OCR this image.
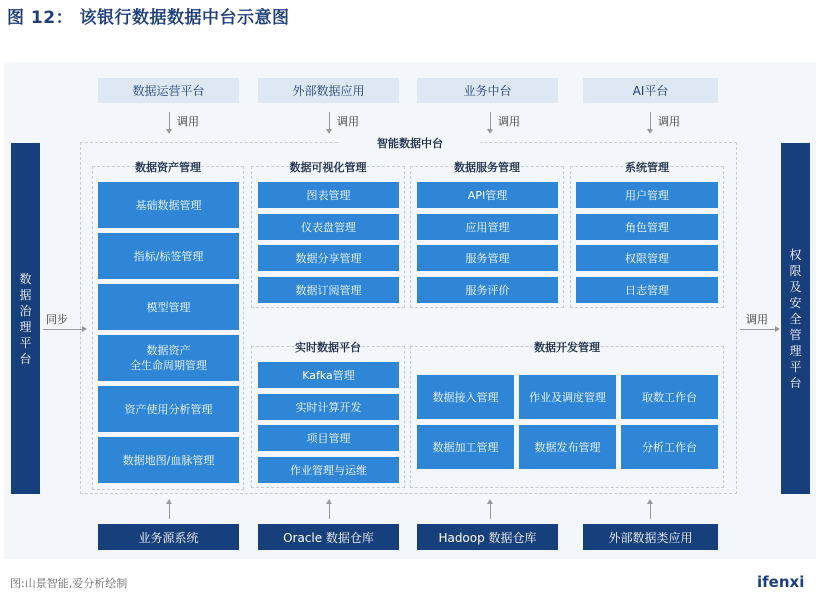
图 12： 该银行数据数据中台示意图
数据运营平台	外部数据应用	业务中台	AI平台
调用	调用	调用	调用
智能数据中台
数
据
治
理
平
台
权
限
及
安
全
管
理
平
台
同步	调用
数据资产管理
基础数据管理
指标/标签管理
模型管理
数据资产
全生命周期管理
资产使用分析管理
数据地图/血脉管理
数据可视化管理
图表管理
仪表盘管理
数据分享管理
数据订阅管理
数据服务管理
API管理
应用管理
服务管理
服务评价
系统管理
用户管理
角色管理
权限管理
日志管理
实时数据平台
Kafka管理
实时计算开发
项目管理
作业管理与运维
数据开发管理
数据接入管理	作业及调度管理	取数工作台
数据加工管理	数据发布管理	分析工作台
业务源系统	Oracle 数据仓库	Hadoop 数据仓库	外部数据类应用
图:山景智能,爱分析绘制	ifenxi
